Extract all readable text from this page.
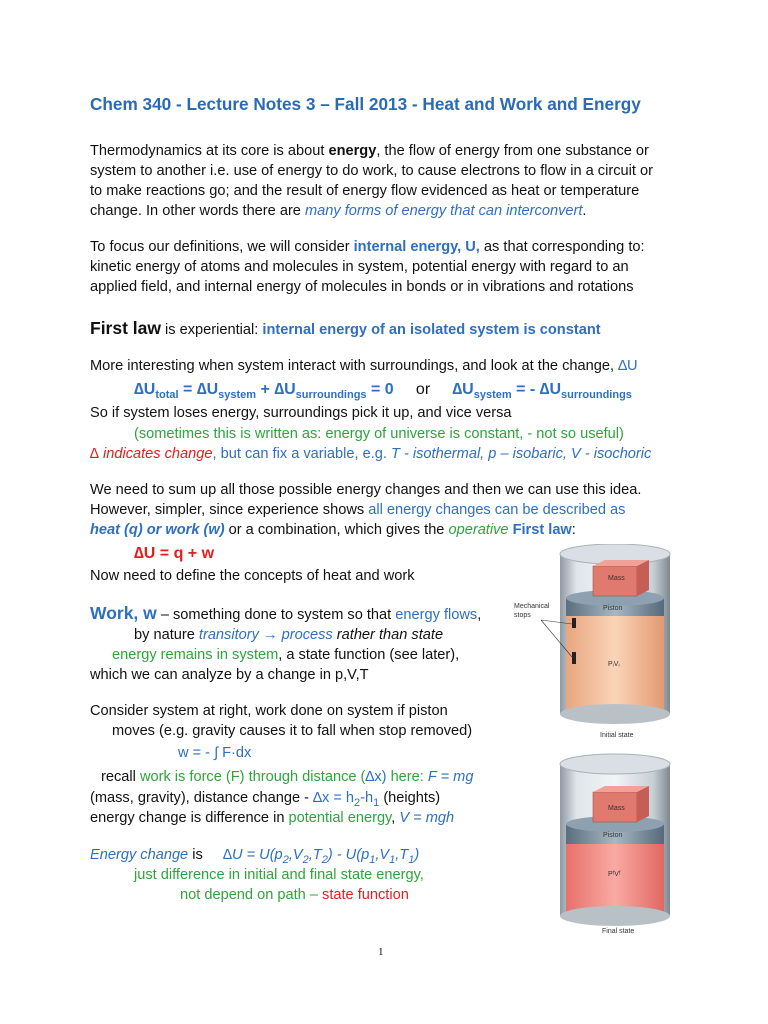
Chem 340 - Lecture Notes 3 – Fall 2013 - Heat and Work and Energy
Thermodynamics at its core is about energy, the flow of energy from one substance or
system to another i.e. use of energy to do work, to cause electrons to flow in a circuit or
to make reactions go; and the result of energy flow evidenced as heat or temperature
change. In other words there are many forms of energy that can interconvert.
To focus our definitions, we will consider internal energy, U, as that corresponding to:
kinetic energy of atoms and molecules in system, potential energy with regard to an
applied field, and internal energy of molecules in bonds or in vibrations and rotations
First law is experiential: internal energy of an isolated system is constant
More interesting when system interact with surroundings, and look at the change, ∆U
$\Delta U_{total} = \Delta U_{system} + \Delta U_{surroundings} = 0$ or $\Delta U_{system}$ = - $\Delta U_{surroundings}$
So if system loses energy, surroundings pick it up, and vice versa
(sometimes this is written as: energy of universe is constant, - not so useful)
∆ indicates change, but can fix a variable, e.g. T - isothermal, p – isobaric, V - isochoric
We need to sum up all those possible energy changes and then we can use this idea.
However, simpler, since experience shows all energy changes can be described as
heat (q) or work (w) or a combination, which gives the operative First law:
∆U = q + w
Now need to define the concepts of heat and work
Work, w – something done to system so that energy flows,
by nature transitory → process rather than state
energy remains in system, a state function (see later),
which we can analyze by a change in p,V,T
Consider system at right, work done on system if piston
moves (e.g. gravity causes it to fall when stop removed)
w = - ∫ F·dx
recall work is force (F) through distance (∆x) here: F = mg
(mass, gravity), distance change - $\Delta x = h_2-h_1$ (heights)
energy change is difference in potential energy, V = mgh
Energy change is $\Delta U = U(p_2,V_2,T_2) - U(p_1,V_1,T_1)$
just difference in initial and final state energy,
not depend on path – state function
Mass
Piston
Mechanical
stops
PᵢVᵢ
Initial state
Mass
Piston
PᶠVᶠ
Final state
1
